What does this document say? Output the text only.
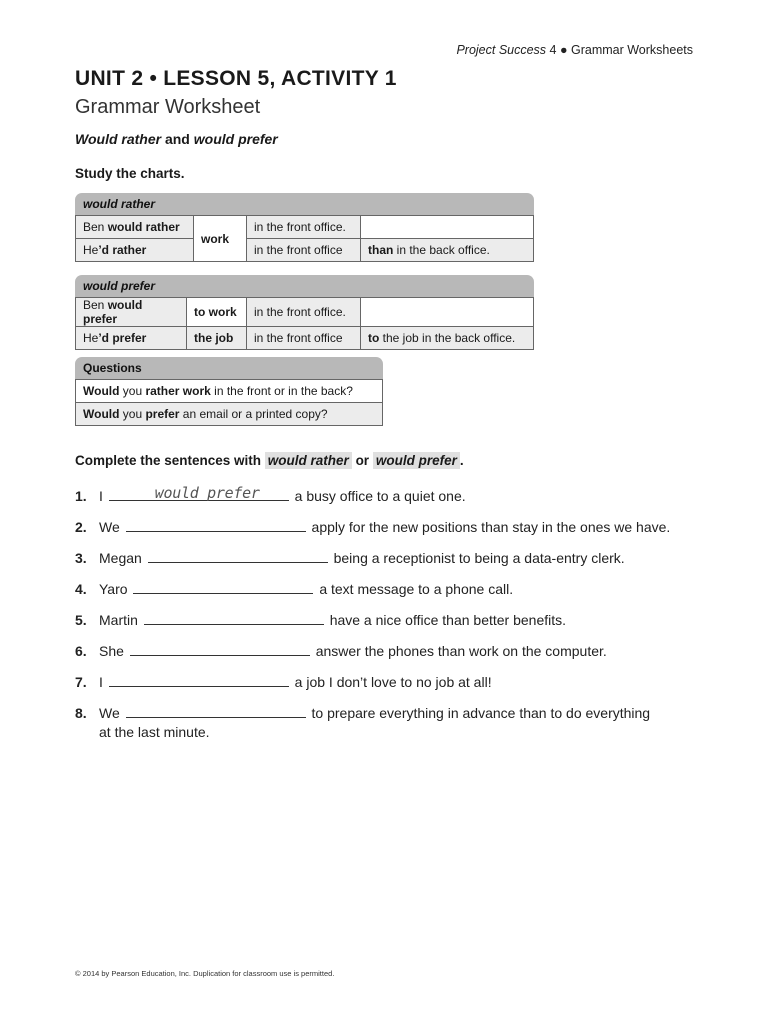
Project Success 4 ● Grammar Worksheets
UNIT 2 • LESSON 5, ACTIVITY 1
Grammar Worksheet
Would rather and would prefer
Study the charts.
would rather
Ben would rather	work	in the front office.	
He’d rather		in the front office	than in the back office.
would prefer
Ben would prefer	to work	in the front office.	
He’d prefer	the job	in the front office	to the job in the back office.
Questions
Would you rather work in the front or in the back?
Would you prefer an email or a printed copy?
Complete the sentences with would rather or would prefer .
1. I	would prefer	a busy office to a quiet one.
2. We	apply for the new positions than stay in the ones we have.
3. Megan	being a receptionist to being a data-entry clerk.
4. Yaro	a text message to a phone call.
5. Martin	have a nice office than better benefits.
6. She	answer the phones than work on the computer.
7. I	a job I don’t love to no job at all!
8. We	to prepare everything in advance than to do everything
at the last minute.
© 2014 by Pearson Education, Inc. Duplication for classroom use is permitted.
